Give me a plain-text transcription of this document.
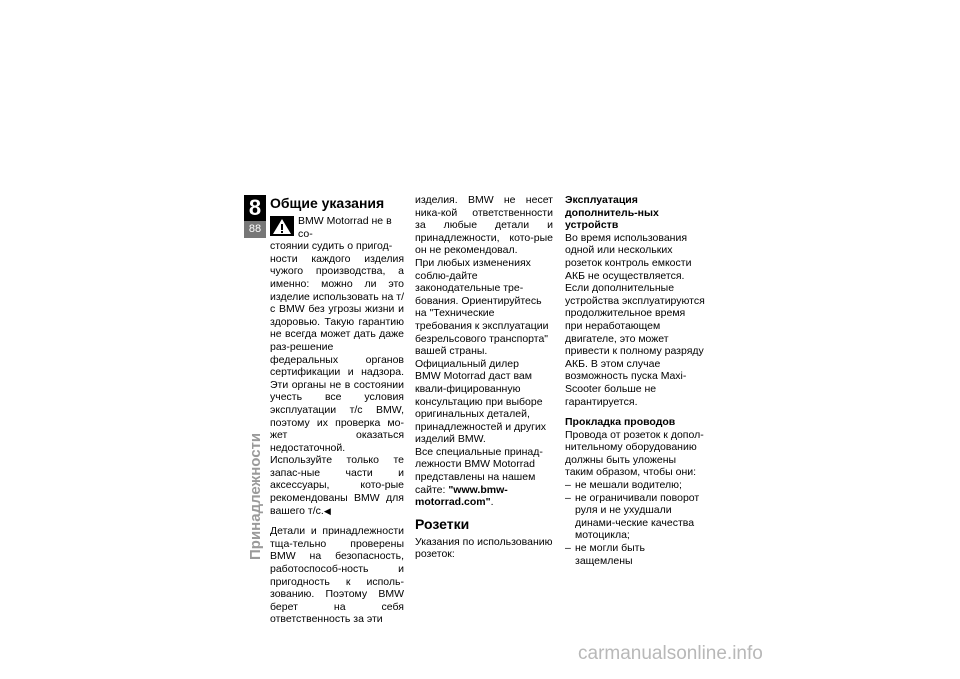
8
88
Принадлежности

Общие указания

BMW Motorrad не в со-
стоянии судить о пригод-
ности каждого изделия чужого производства, а именно: можно ли это изделие использовать на т/с BMW без угрозы жизни и здоровью. Такую гарантию не всегда может дать даже раз-решение федеральных органов сертификации и надзора. Эти органы не в состоянии учесть все условия эксплуатации т/с BMW, поэтому их проверка мо-жет оказаться недостаточной. Используйте только те запас-ные части и аксессуары, кото-рые рекомендованы BMW для вашего т/с.◀

Детали и принадлежности тща-тельно проверены BMW на безопасность, работоспособ-ность и пригодность к исполь-зованию. Поэтому BMW берет на себя ответственность за эти

изделия. BMW не несет ника-кой ответственности за любые детали и принадлежности, кото-рые он не рекомендовал.

При любых изменениях соблю-дайте законодательные тре-бования. Ориентируйтесь на "Технические требования к эксплуатации безрельсового транспорта" вашей страны.

Официальный дилер

BMW Motorrad даст вам квали-фицированную консультацию при выборе оригинальных деталей, принадлежностей и других изделий BMW.

Все специальные принад-лежности BMW Motorrad представлены на нашем сайте: "www.bmw-motorrad.com".

Розетки

Указания по использованию розеток:

Эксплуатация дополнитель-ных устройств

Во время использования одной или нескольких розеток контроль емкости АКБ не осуществляется.

Если дополнительные устройства эксплуатируются продолжительное время при неработающем двигателе, это может привести к полному разряду АКБ. В этом случае возможность пуска Maxi-Scooter больше не гарантируется.

Прокладка проводов

Провода от розеток к допол-нительному оборудованию должны быть уложены таким образом, чтобы они:

– не мешали водителю;
– не ограничивали поворот руля и не ухудшали динами-ческие качества мотоцикла;
– не могли быть защемлены
carmanualsonline.info
